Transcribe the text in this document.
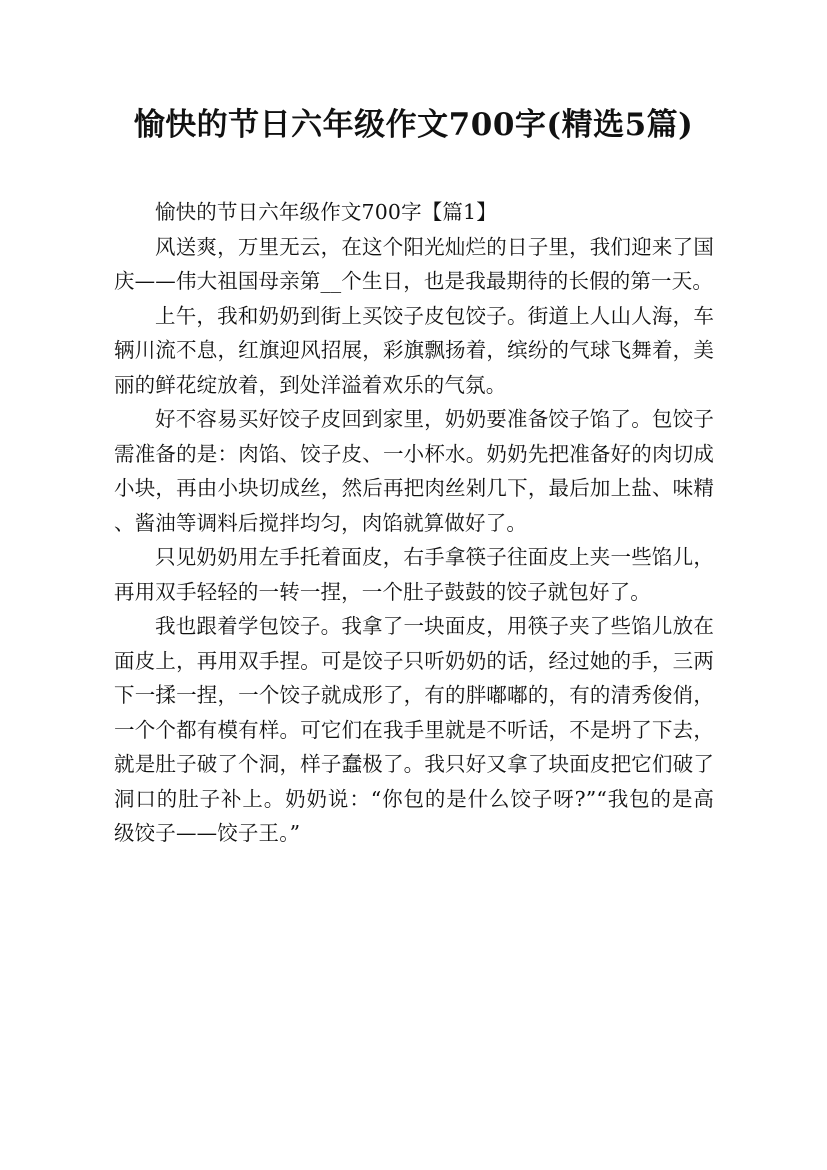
愉快的节日六年级作文700字(精选5篇)

愉快的节日六年级作文700字【篇1】

风送爽，万里无云，在这个阳光灿烂的日子里，我们迎来了国庆——伟大祖国母亲第__个生日，也是我最期待的长假的第一天。

上午，我和奶奶到街上买饺子皮包饺子。街道上人山人海，车辆川流不息，红旗迎风招展，彩旗飘扬着，缤纷的气球飞舞着，美丽的鲜花绽放着，到处洋溢着欢乐的气氛。

好不容易买好饺子皮回到家里，奶奶要准备饺子馅了。包饺子需准备的是：肉馅、饺子皮、一小杯水。奶奶先把准备好的肉切成小块，再由小块切成丝，然后再把肉丝剁几下，最后加上盐、味精、酱油等调料后搅拌均匀，肉馅就算做好了。

只见奶奶用左手托着面皮，右手拿筷子往面皮上夹一些馅儿，再用双手轻轻的一转一捏，一个肚子鼓鼓的饺子就包好了。

我也跟着学包饺子。我拿了一块面皮，用筷子夹了些馅儿放在面皮上，再用双手捏。可是饺子只听奶奶的话，经过她的手，三两下一揉一捏，一个饺子就成形了，有的胖嘟嘟的，有的清秀俊俏，一个个都有模有样。可它们在我手里就是不听话，不是坍了下去，就是肚子破了个洞，样子蠢极了。我只好又拿了块面皮把它们破了洞口的肚子补上。奶奶说：“你包的是什么饺子呀?”“我包的是高级饺子——饺子王。”
